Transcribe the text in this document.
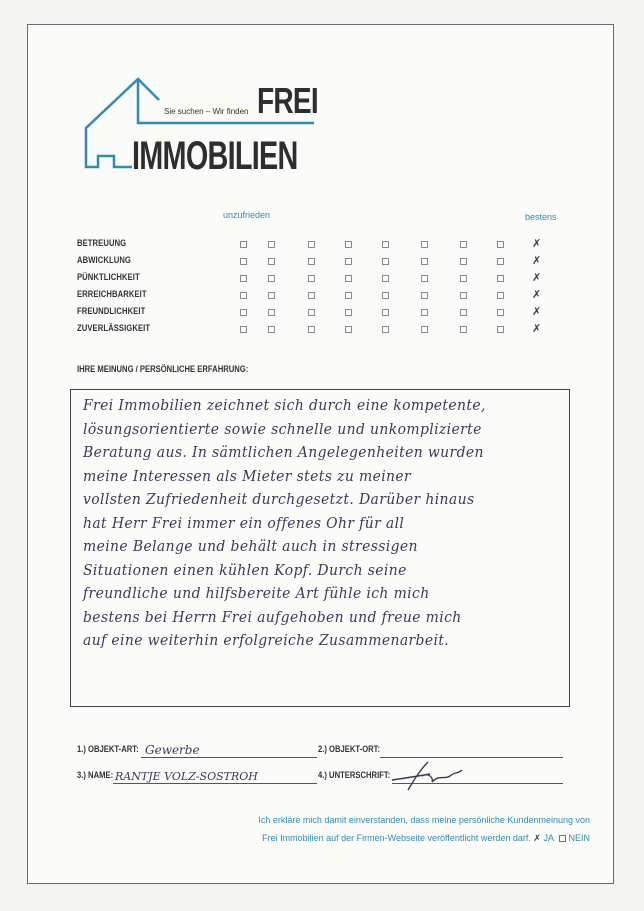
Sie suchen – Wir finden FREI
IMMOBILIEN
unzufrieden	bestens
BETREUUNG	✗
ABWICKLUNG	✗
PÜNKTLICHKEIT	✗
ERREICHBARKEIT	✗
FREUNDLICHKEIT	✗
ZUVERLÄSSIGKEIT	✗
IHRE MEINUNG / PERSÖNLICHE ERFAHRUNG:
Frei Immobilien zeichnet sich durch eine kompetente,
lösungsorientierte sowie schnelle und unkomplizierte
Beratung aus. In sämtlichen Angelegenheiten wurden
meine Interessen als Mieter stets zu meiner
vollsten Zufriedenheit durchgesetzt. Darüber hinaus
hat Herr Frei immer ein offenes Ohr für all
meine Belange und behält auch in stressigen
Situationen einen kühlen Kopf. Durch seine
freundliche und hilfsbereite Art fühle ich mich
bestens bei Herrn Frei aufgehoben und freue mich
auf eine weiterhin erfolgreiche Zusammenarbeit.
1.) OBJEKT-ART: Gewerbe	2.) OBJEKT-ORT:
3.) NAME: RANTJE VOLZ-SOSTROH	4.) UNTERSCHRIFT:
Ich erkläre mich damit einverstanden, dass meine persönliche Kundenmeinung von
Frei Immobilien auf der Firmen-Webseite veröffentlicht werden darf. ✗ JA NEIN
